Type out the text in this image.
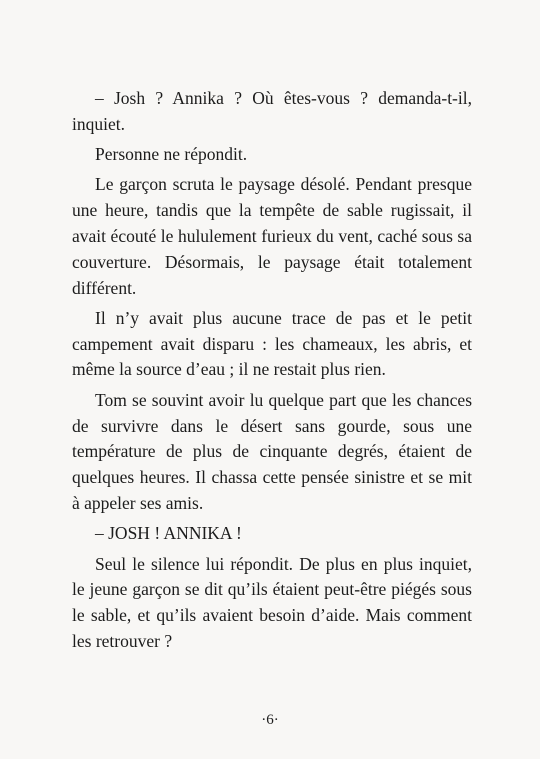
– Josh ? Annika ? Où êtes-vous ? demanda-t-il, inquiet.

Personne ne répondit.

Le garçon scruta le paysage désolé. Pendant presque une heure, tandis que la tempête de sable rugissait, il avait écouté le hululement furieux du vent, caché sous sa couverture. Désormais, le paysage était totalement différent.

Il n’y avait plus aucune trace de pas et le petit campement avait disparu : les chameaux, les abris, et même la source d’eau ; il ne restait plus rien.

Tom se souvint avoir lu quelque part que les chances de survivre dans le désert sans gourde, sous une température de plus de cinquante degrés, étaient de quelques heures. Il chassa cette pensée sinistre et se mit à appeler ses amis.

– JOSH ! ANNIKA !

Seul le silence lui répondit. De plus en plus inquiet, le jeune garçon se dit qu’ils étaient peut-être piégés sous le sable, et qu’ils avaient besoin d’aide. Mais comment les retrouver ?

·6·
